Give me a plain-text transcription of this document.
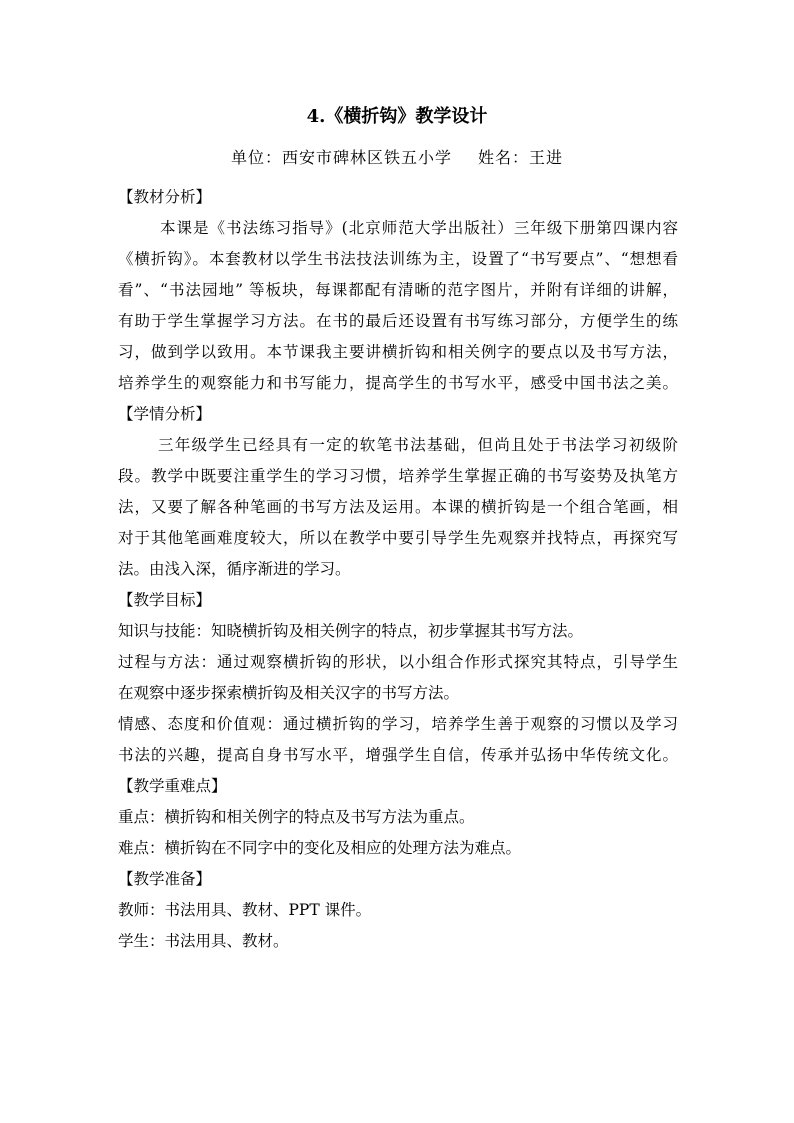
4.《横折钩》教学设计
单位：西安市碑林区铁五小学 姓名：王进
【教材分析】
本课是《书法练习指导》(北京师范大学出版社）三年级下册第四课内容
《横折钩》。本套教材以学生书法技法训练为主，设置了“书写要点”、“想想看
看”、“书法园地” 等板块，每课都配有清晰的范字图片，并附有详细的讲解，
有助于学生掌握学习方法。在书的最后还设置有书写练习部分，方便学生的练
习，做到学以致用。本节课我主要讲横折钩和相关例字的要点以及书写方法，
培养学生的观察能力和书写能力，提高学生的书写水平，感受中国书法之美。
【学情分析】
三年级学生已经具有一定的软笔书法基础，但尚且处于书法学习初级阶
段。教学中既要注重学生的学习习惯，培养学生掌握正确的书写姿势及执笔方
法，又要了解各种笔画的书写方法及运用。本课的横折钩是一个组合笔画，相
对于其他笔画难度较大，所以在教学中要引导学生先观察并找特点，再探究写
法。由浅入深，循序渐进的学习。
【教学目标】
知识与技能：知晓横折钩及相关例字的特点，初步掌握其书写方法。
过程与方法：通过观察横折钩的形状，以小组合作形式探究其特点，引导学生
在观察中逐步探索横折钩及相关汉字的书写方法。
情感、态度和价值观：通过横折钩的学习，培养学生善于观察的习惯以及学习
书法的兴趣，提高自身书写水平，增强学生自信，传承并弘扬中华传统文化。
【教学重难点】
重点：横折钩和相关例字的特点及书写方法为重点。
难点：横折钩在不同字中的变化及相应的处理方法为难点。
【教学准备】
教师：书法用具、教材、PPT 课件。
学生：书法用具、教材。
